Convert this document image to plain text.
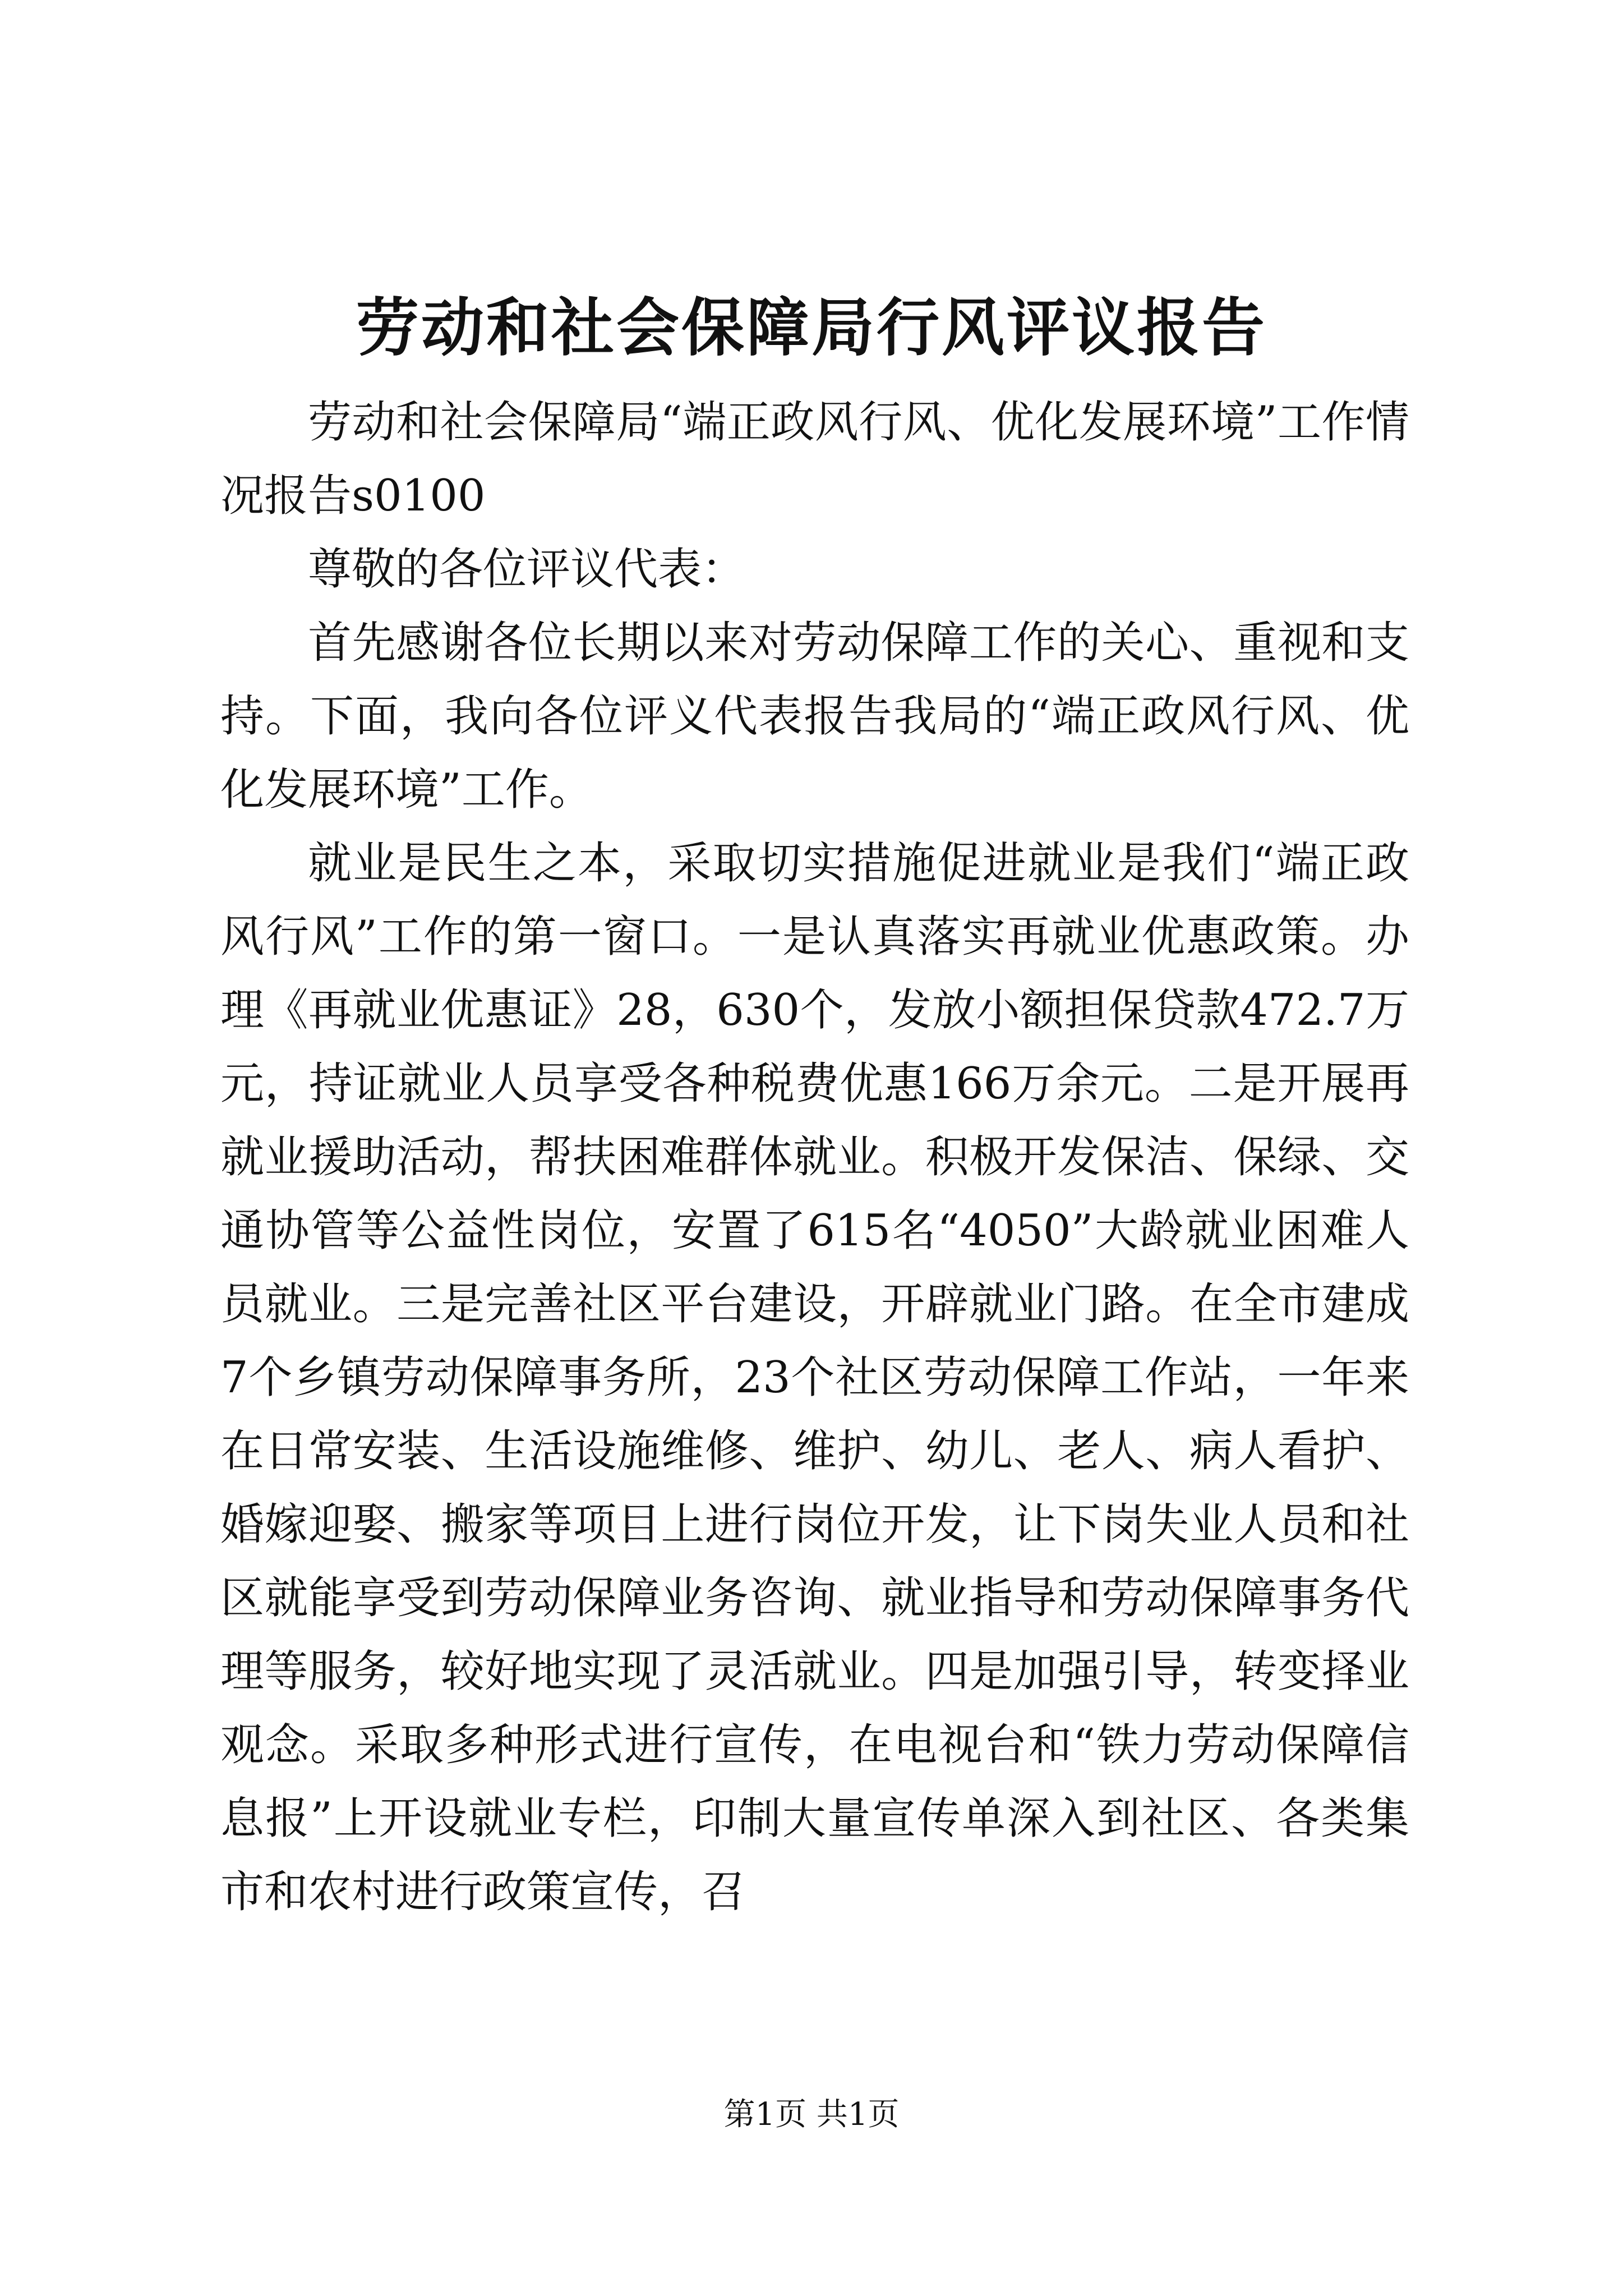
劳动和社会保障局行风评议报告

劳动和社会保障局“端正政风行风、优化发展环境”工作情况报告s0100

尊敬的各位评议代表：

首先感谢各位长期以来对劳动保障工作的关心、重视和支持。下面，我向各位评义代表报告我局的“端正政风行风、优化发展环境”工作。

就业是民生之本，采取切实措施促进就业是我们“端正政风行风”工作的第一窗口。一是认真落实再就业优惠政策。办理《再就业优惠证》28，630个，发放小额担保贷款472.7万元，持证就业人员享受各种税费优惠166万余元。二是开展再就业援助活动，帮扶困难群体就业。积极开发保洁、保绿、交通协管等公益性岗位，安置了615名“4050”大龄就业困难人员就业。三是完善社区平台建设，开辟就业门路。在全市建成7个乡镇劳动保障事务所，23个社区劳动保障工作站，一年来在日常安装、生活设施维修、维护、幼儿、老人、病人看护、婚嫁迎娶、搬家等项目上进行岗位开发，让下岗失业人员和社区就能享受到劳动保障业务咨询、就业指导和劳动保障事务代理等服务，较好地实现了灵活就业。四是加强引导，转变择业观念。采取多种形式进行宣传，在电视台和“铁力劳动保障信息报”上开设就业专栏，印制大量宣传单深入到社区、各类集市和农村进行政策宣传，召

第1页 共1页
